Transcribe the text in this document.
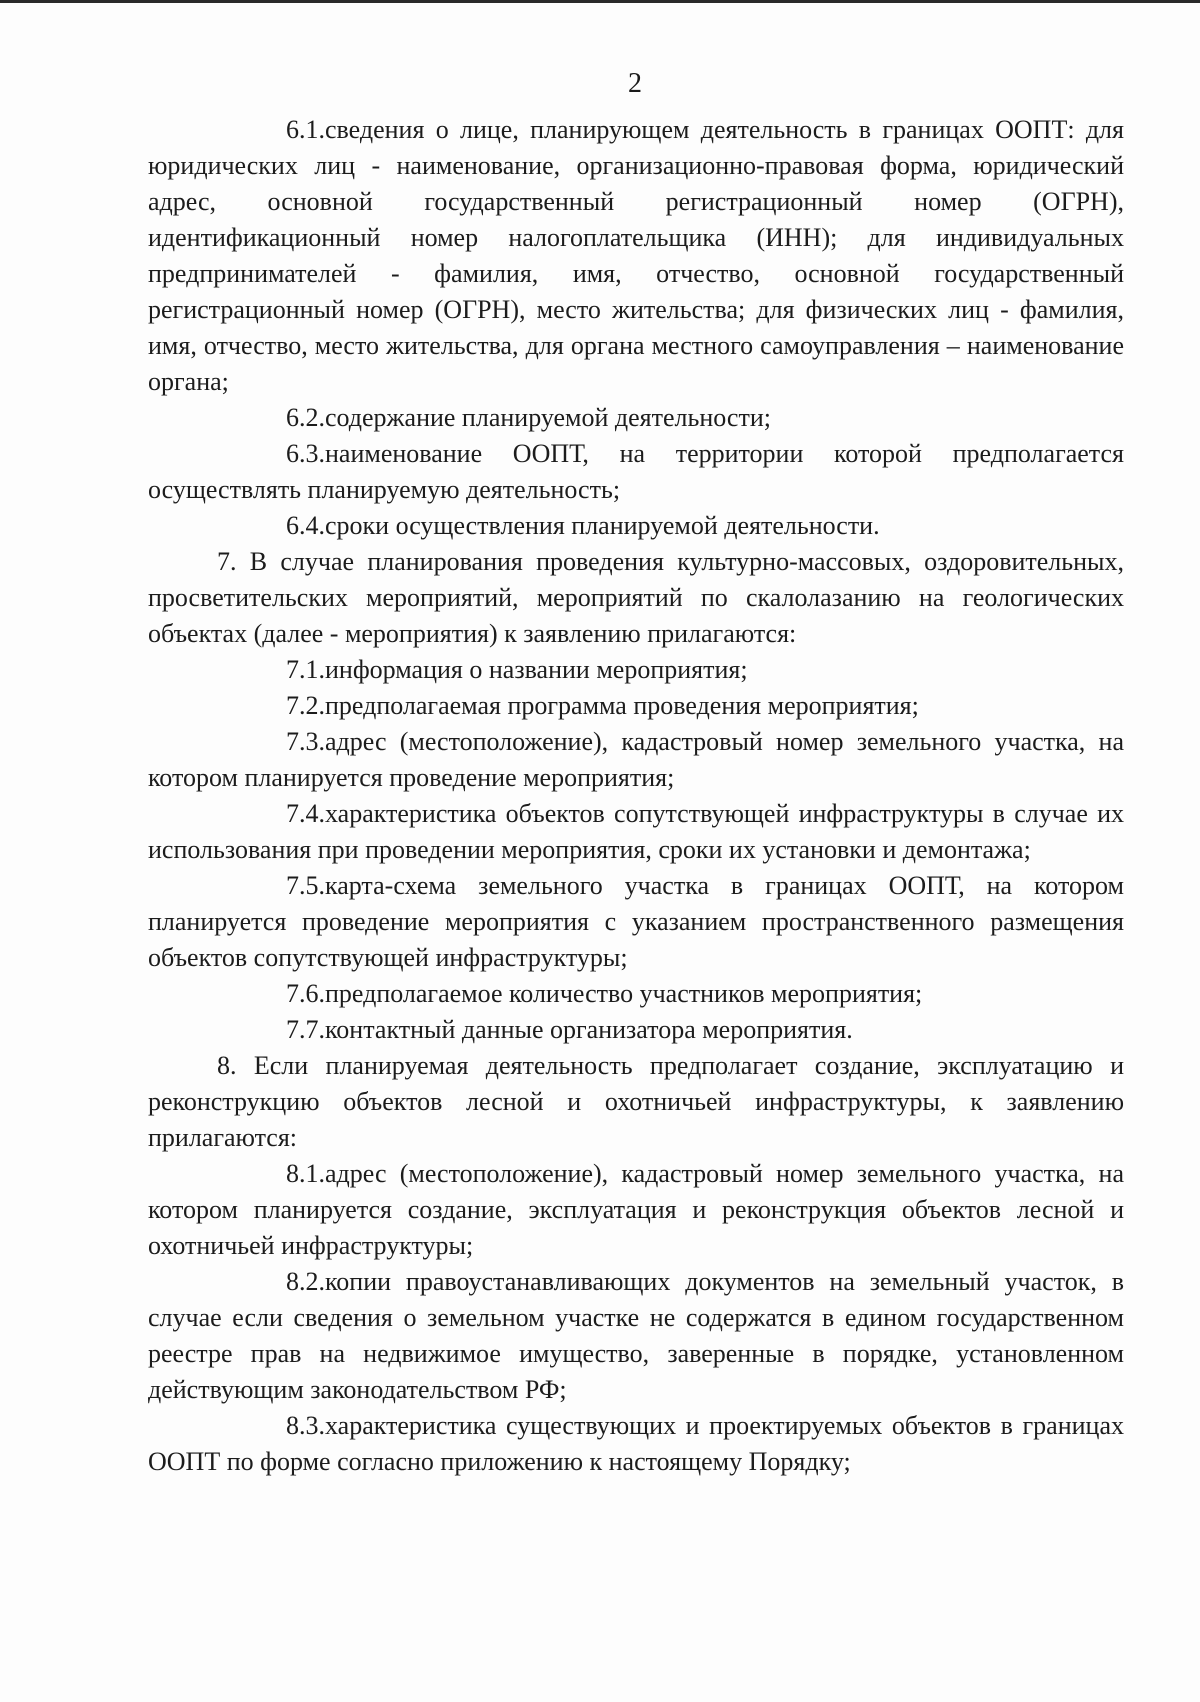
2

6.1.сведения о лице, планирующем деятельность в границах ООПТ: для юридических лиц - наименование, организационно-правовая форма, юридический адрес, основной государственный регистрационный номер (ОГРН), идентификационный номер налогоплательщика (ИНН); для индивидуальных предпринимателей - фамилия, имя, отчество, основной государственный регистрационный номер (ОГРН), место жительства; для физических лиц - фамилия, имя, отчество, место жительства, для органа местного самоуправления – наименование органа;

6.2.содержание планируемой деятельности;

6.3.наименование ООПТ, на территории которой предполагается осуществлять планируемую деятельность;

6.4.сроки осуществления планируемой деятельности.

7. В случае планирования проведения культурно-массовых, оздоровительных, просветительских мероприятий, мероприятий по скалолазанию на геологических объектах (далее - мероприятия) к заявлению прилагаются:

7.1.информация о названии мероприятия;

7.2.предполагаемая программа проведения мероприятия;

7.3.адрес (местоположение), кадастровый номер земельного участка, на котором планируется проведение мероприятия;

7.4.характеристика объектов сопутствующей инфраструктуры в случае их использования при проведении мероприятия, сроки их установки и демонтажа;

7.5.карта-схема земельного участка в границах ООПТ, на котором планируется проведение мероприятия с указанием пространственного размещения объектов сопутствующей инфраструктуры;

7.6.предполагаемое количество участников мероприятия;

7.7.контактный данные организатора мероприятия.

8. Если планируемая деятельность предполагает создание, эксплуатацию и реконструкцию объектов лесной и охотничьей инфраструктуры, к заявлению прилагаются:

8.1.адрес (местоположение), кадастровый номер земельного участка, на котором планируется создание, эксплуатация и реконструкция объектов лесной и охотничьей инфраструктуры;

8.2.копии правоустанавливающих документов на земельный участок, в случае если сведения о земельном участке не содержатся в едином государственном реестре прав на недвижимое имущество, заверенные в порядке, установленном действующим законодательством РФ;

8.3.характеристика существующих и проектируемых объектов в границах ООПТ по форме согласно приложению к настоящему Порядку;
